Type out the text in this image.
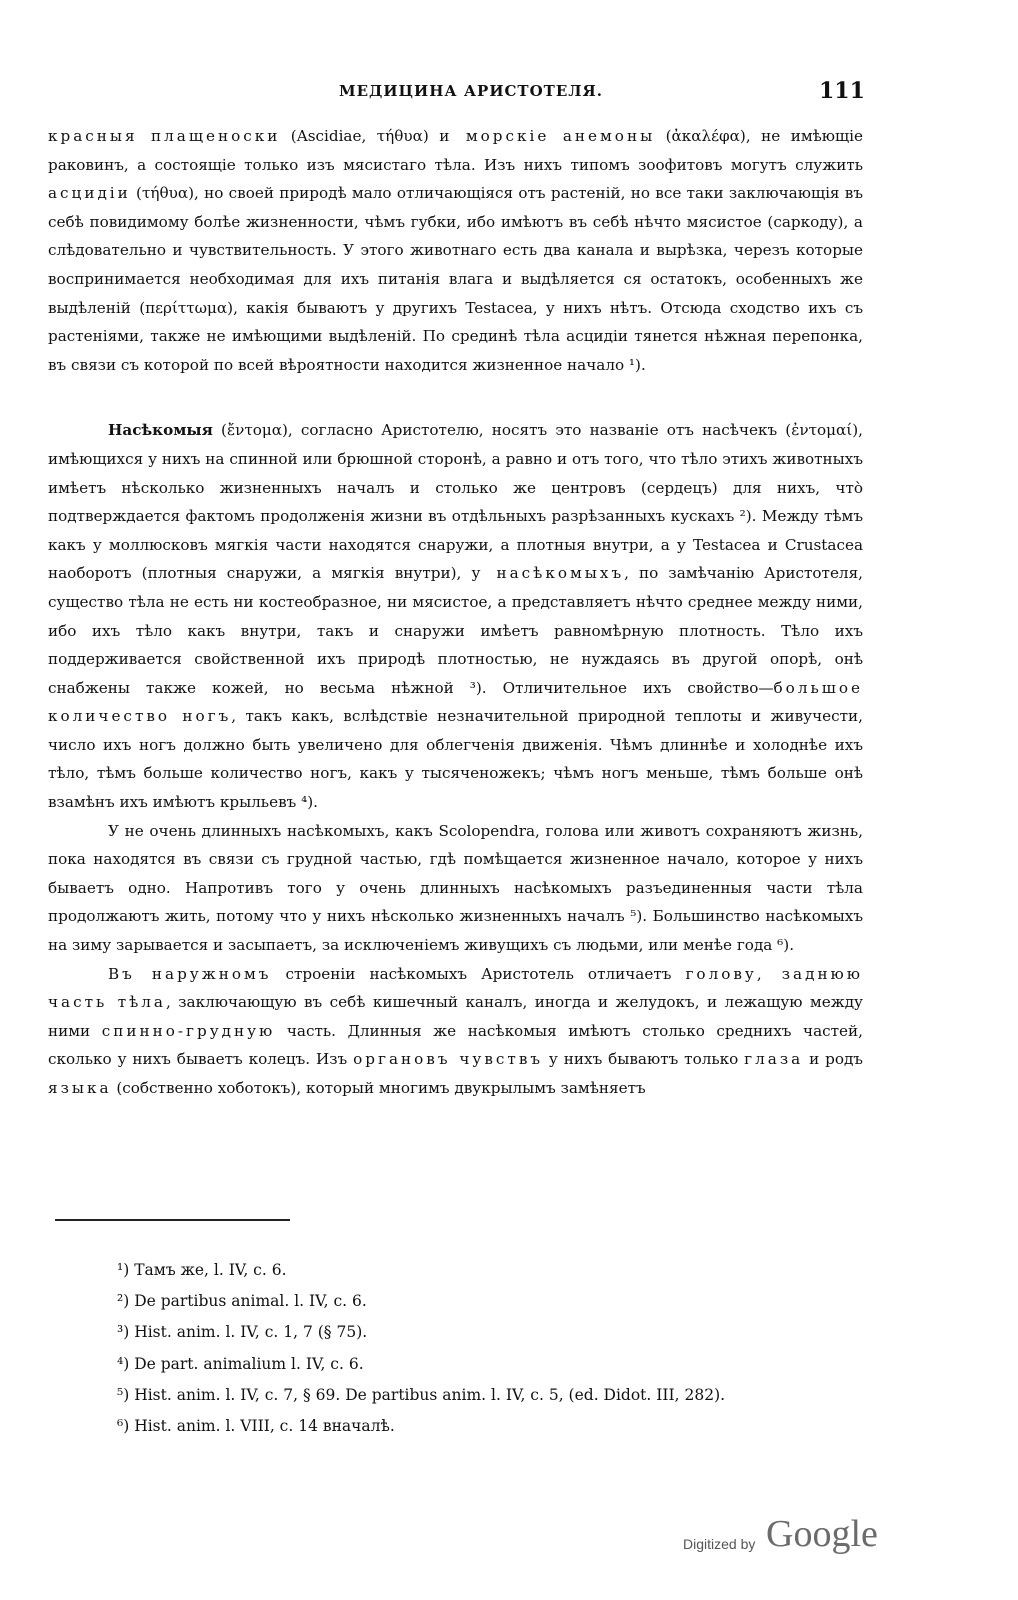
МЕДИЦИНА АРИСТОТЕЛЯ.	111

красныя плащеноски (Ascidiae, τήθυα) и морскіе анемоны (ἀκαλέφα), не имѣющіе раковинъ, а состоящіе только изъ мясистаго тѣла. Изъ нихъ типомъ зоофитовъ могутъ служить асцидіи (τήθυα), но своей природѣ мало отличающіяся отъ растеній, но все таки заключающія въ себѣ повидимому болѣе жизненности, чѣмъ губки, ибо имѣютъ въ себѣ нѣчто мясистое (саркоду), а слѣдовательно и чувствительность. У этого животнаго есть два канала и вырѣзка, черезъ которые воспринимается необходимая для ихъ питанія влага и выдѣляется ся остатокъ, особенныхъ же выдѣленій (περίττωμα), какія бываютъ у другихъ Testacea, у нихъ нѣтъ. Отсюда сходство ихъ съ растеніями, также не имѣющими выдѣленій. По срединѣ тѣла асцидіи тянется нѣжная перепонка, въ связи съ которой по всей вѣроятности находится жизненное начало ¹).

Насѣкомыя (ἔντομα), согласно Аристотелю, носятъ это названіе отъ насѣчекъ (ἐντομαί), имѣющихся у нихъ на спинной или брюшной сторонѣ, а равно и отъ того, что тѣло этихъ животныхъ имѣетъ нѣсколько жизненныхъ началъ и столько же центровъ (сердецъ) для нихъ, что̀ подтверждается фактомъ продолженія жизни въ отдѣльныхъ разрѣзанныхъ кускахъ ²). Между тѣмъ какъ у моллюсковъ мягкія части находятся снаружи, а плотныя внутри, а у Testacea и Crustacea наоборотъ (плотныя снаружи, а мягкія внутри), у насѣкомыхъ, по замѣчанію Аристотеля, существо тѣла не есть ни костеобразное, ни мясистое, а представляетъ нѣчто среднее между ними, ибо ихъ тѣло какъ внутри, такъ и снаружи имѣетъ равномѣрную плотность. Тѣло ихъ поддерживается свойственной ихъ природѣ плотностью, не нуждаясь въ другой опорѣ, онѣ снабжены также кожей, но весьма нѣжной ³). Отличительное ихъ свойство—большое количество ногъ, такъ какъ, вслѣдствіе незначительной природной теплоты и живучести, число ихъ ногъ должно быть увеличено для облегченія движенія. Чѣмъ длиннѣе и холоднѣе ихъ тѣло, тѣмъ больше количество ногъ, какъ у тысяченожекъ; чѣмъ ногъ меньше, тѣмъ больше онѣ взамѣнъ ихъ имѣютъ крыльевъ ⁴).

У не очень длинныхъ насѣкомыхъ, какъ Scolopendra, голова или животъ сохраняютъ жизнь, пока находятся въ связи съ грудной частью, гдѣ помѣщается жизненное начало, которое у нихъ бываетъ одно. Напротивъ того у очень длинныхъ насѣкомыхъ разъединенныя части тѣла продолжаютъ жить, потому что у нихъ нѣсколько жизненныхъ началъ ⁵). Большинство насѣкомыхъ на зиму зарывается и засыпаетъ, за исключеніемъ живущихъ съ людьми, или менѣе года ⁶).

Въ наружномъ строеніи насѣкомыхъ Аристотель отличаетъ голову, заднюю часть тѣла, заключающую въ себѣ кишечный каналъ, иногда и желудокъ, и лежащую между ними спинно-грудную часть. Длинныя же насѣкомыя имѣютъ столько среднихъ частей, сколько у нихъ бываетъ колецъ. Изъ органовъ чувствъ у нихъ бываютъ только глаза и родъ языка (собственно хоботокъ), который многимъ двукрылымъ замѣняетъ

¹) Тамъ же, l. IV, c. 6.
²) De partibus animal. l. IV, c. 6.
³) Hist. anim. l. IV, c. 1, 7 (§ 75).
⁴) De part. animalium l. IV, c. 6.
⁵) Hist. anim. l. IV, c. 7, § 69. De partibus anim. l. IV, c. 5, (ed. Didot. III, 282).
⁶) Hist. anim. l. VIII, c. 14 вначалѣ.
Digitized by Google
